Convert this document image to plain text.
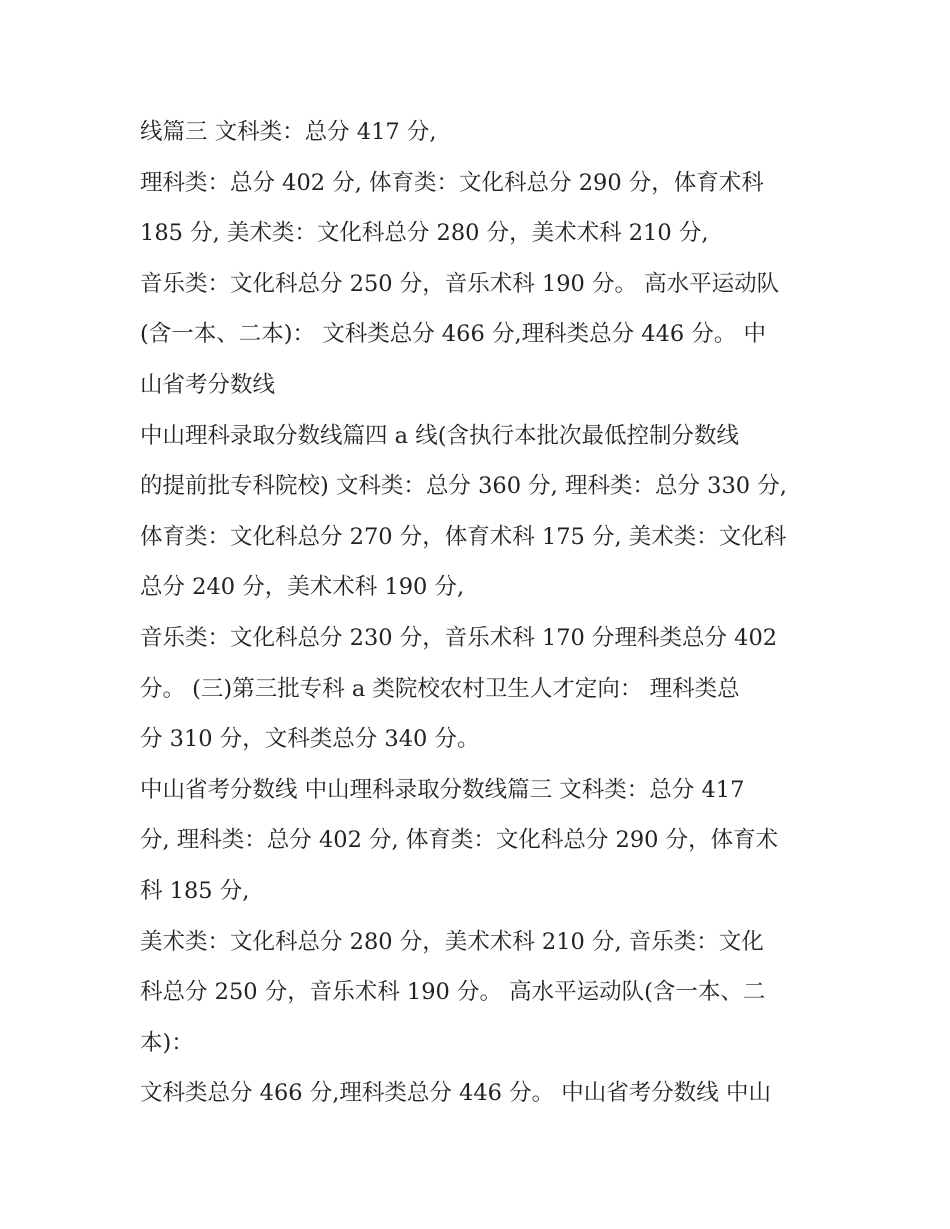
线篇三 文科类：总分 417 分,
理科类：总分 402 分, 体育类：文化科总分 290 分，体育术科
185 分, 美术类：文化科总分 280 分，美术术科 210 分,
音乐类：文化科总分 250 分，音乐术科 190 分。 高水平运动队
(含一本、二本)： 文科类总分 466 分,理科类总分 446 分。 中
山省考分数线
中山理科录取分数线篇四 a 线(含执行本批次最低控制分数线
的提前批专科院校) 文科类：总分 360 分, 理科类：总分 330 分,
体育类：文化科总分 270 分，体育术科 175 分, 美术类：文化科
总分 240 分，美术术科 190 分,
音乐类：文化科总分 230 分，音乐术科 170 分理科类总分 402
分。 (三)第三批专科 a 类院校农村卫生人才定向： 理科类总
分 310 分，文科类总分 340 分。
中山省考分数线 中山理科录取分数线篇三 文科类：总分 417
分, 理科类：总分 402 分, 体育类：文化科总分 290 分，体育术
科 185 分,
美术类：文化科总分 280 分，美术术科 210 分, 音乐类：文化
科总分 250 分，音乐术科 190 分。 高水平运动队(含一本、二
本)：
文科类总分 466 分,理科类总分 446 分。 中山省考分数线 中山
